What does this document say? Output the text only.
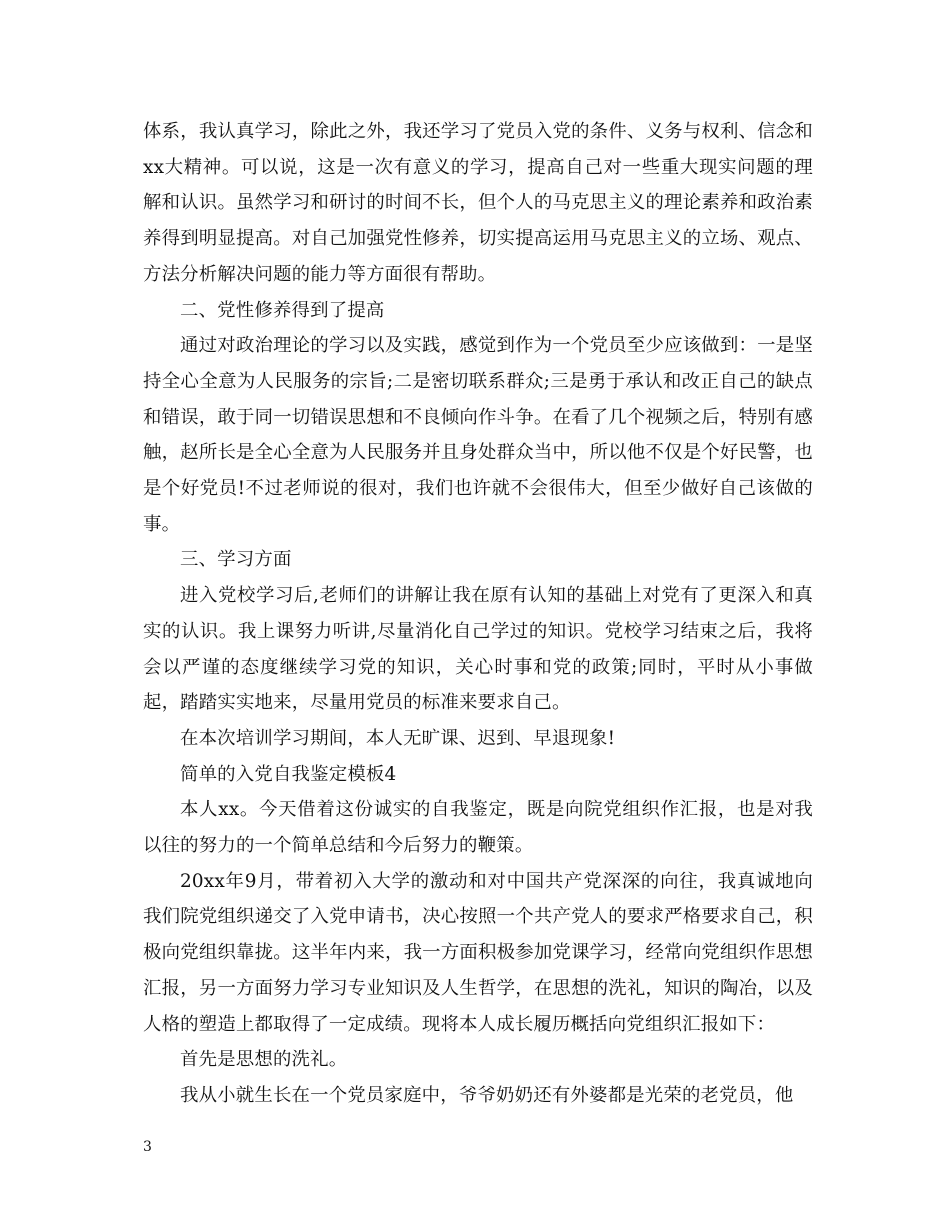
体系，我认真学习，除此之外，我还学习了党员入党的条件、义务与权利、信念和xx大精神。可以说，这是一次有意义的学习，提高自己对一些重大现实问题的理解和认识。虽然学习和研讨的时间不长，但个人的马克思主义的理论素养和政治素养得到明显提高。对自己加强党性修养，切实提高运用马克思主义的立场、观点、方法分析解决问题的能力等方面很有帮助。

二、党性修养得到了提高

通过对政治理论的学习以及实践，感觉到作为一个党员至少应该做到：一是坚持全心全意为人民服务的宗旨;二是密切联系群众;三是勇于承认和改正自己的缺点和错误，敢于同一切错误思想和不良倾向作斗争。在看了几个视频之后，特别有感触，赵所长是全心全意为人民服务并且身处群众当中，所以他不仅是个好民警，也是个好党员!不过老师说的很对，我们也许就不会很伟大，但至少做好自己该做的事。

三、学习方面

进入党校学习后,老师们的讲解让我在原有认知的基础上对党有了更深入和真实的认识。我上课努力听讲,尽量消化自己学过的知识。党校学习结束之后，我将会以严谨的态度继续学习党的知识，关心时事和党的政策;同时，平时从小事做起，踏踏实实地来，尽量用党员的标准来要求自己。

在本次培训学习期间，本人无旷课、迟到、早退现象!

简单的入党自我鉴定模板4

本人xx。今天借着这份诚实的自我鉴定，既是向院党组织作汇报，也是对我以往的努力的一个简单总结和今后努力的鞭策。

20xx年9月，带着初入大学的激动和对中国共产党深深的向往，我真诚地向我们院党组织递交了入党申请书，决心按照一个共产党人的要求严格要求自己，积极向党组织靠拢。这半年内来，我一方面积极参加党课学习，经常向党组织作思想汇报，另一方面努力学习专业知识及人生哲学，在思想的洗礼，知识的陶冶，以及人格的塑造上都取得了一定成绩。现将本人成长履历概括向党组织汇报如下：

首先是思想的洗礼。

我从小就生长在一个党员家庭中，爷爷奶奶还有外婆都是光荣的老党员，他

3
